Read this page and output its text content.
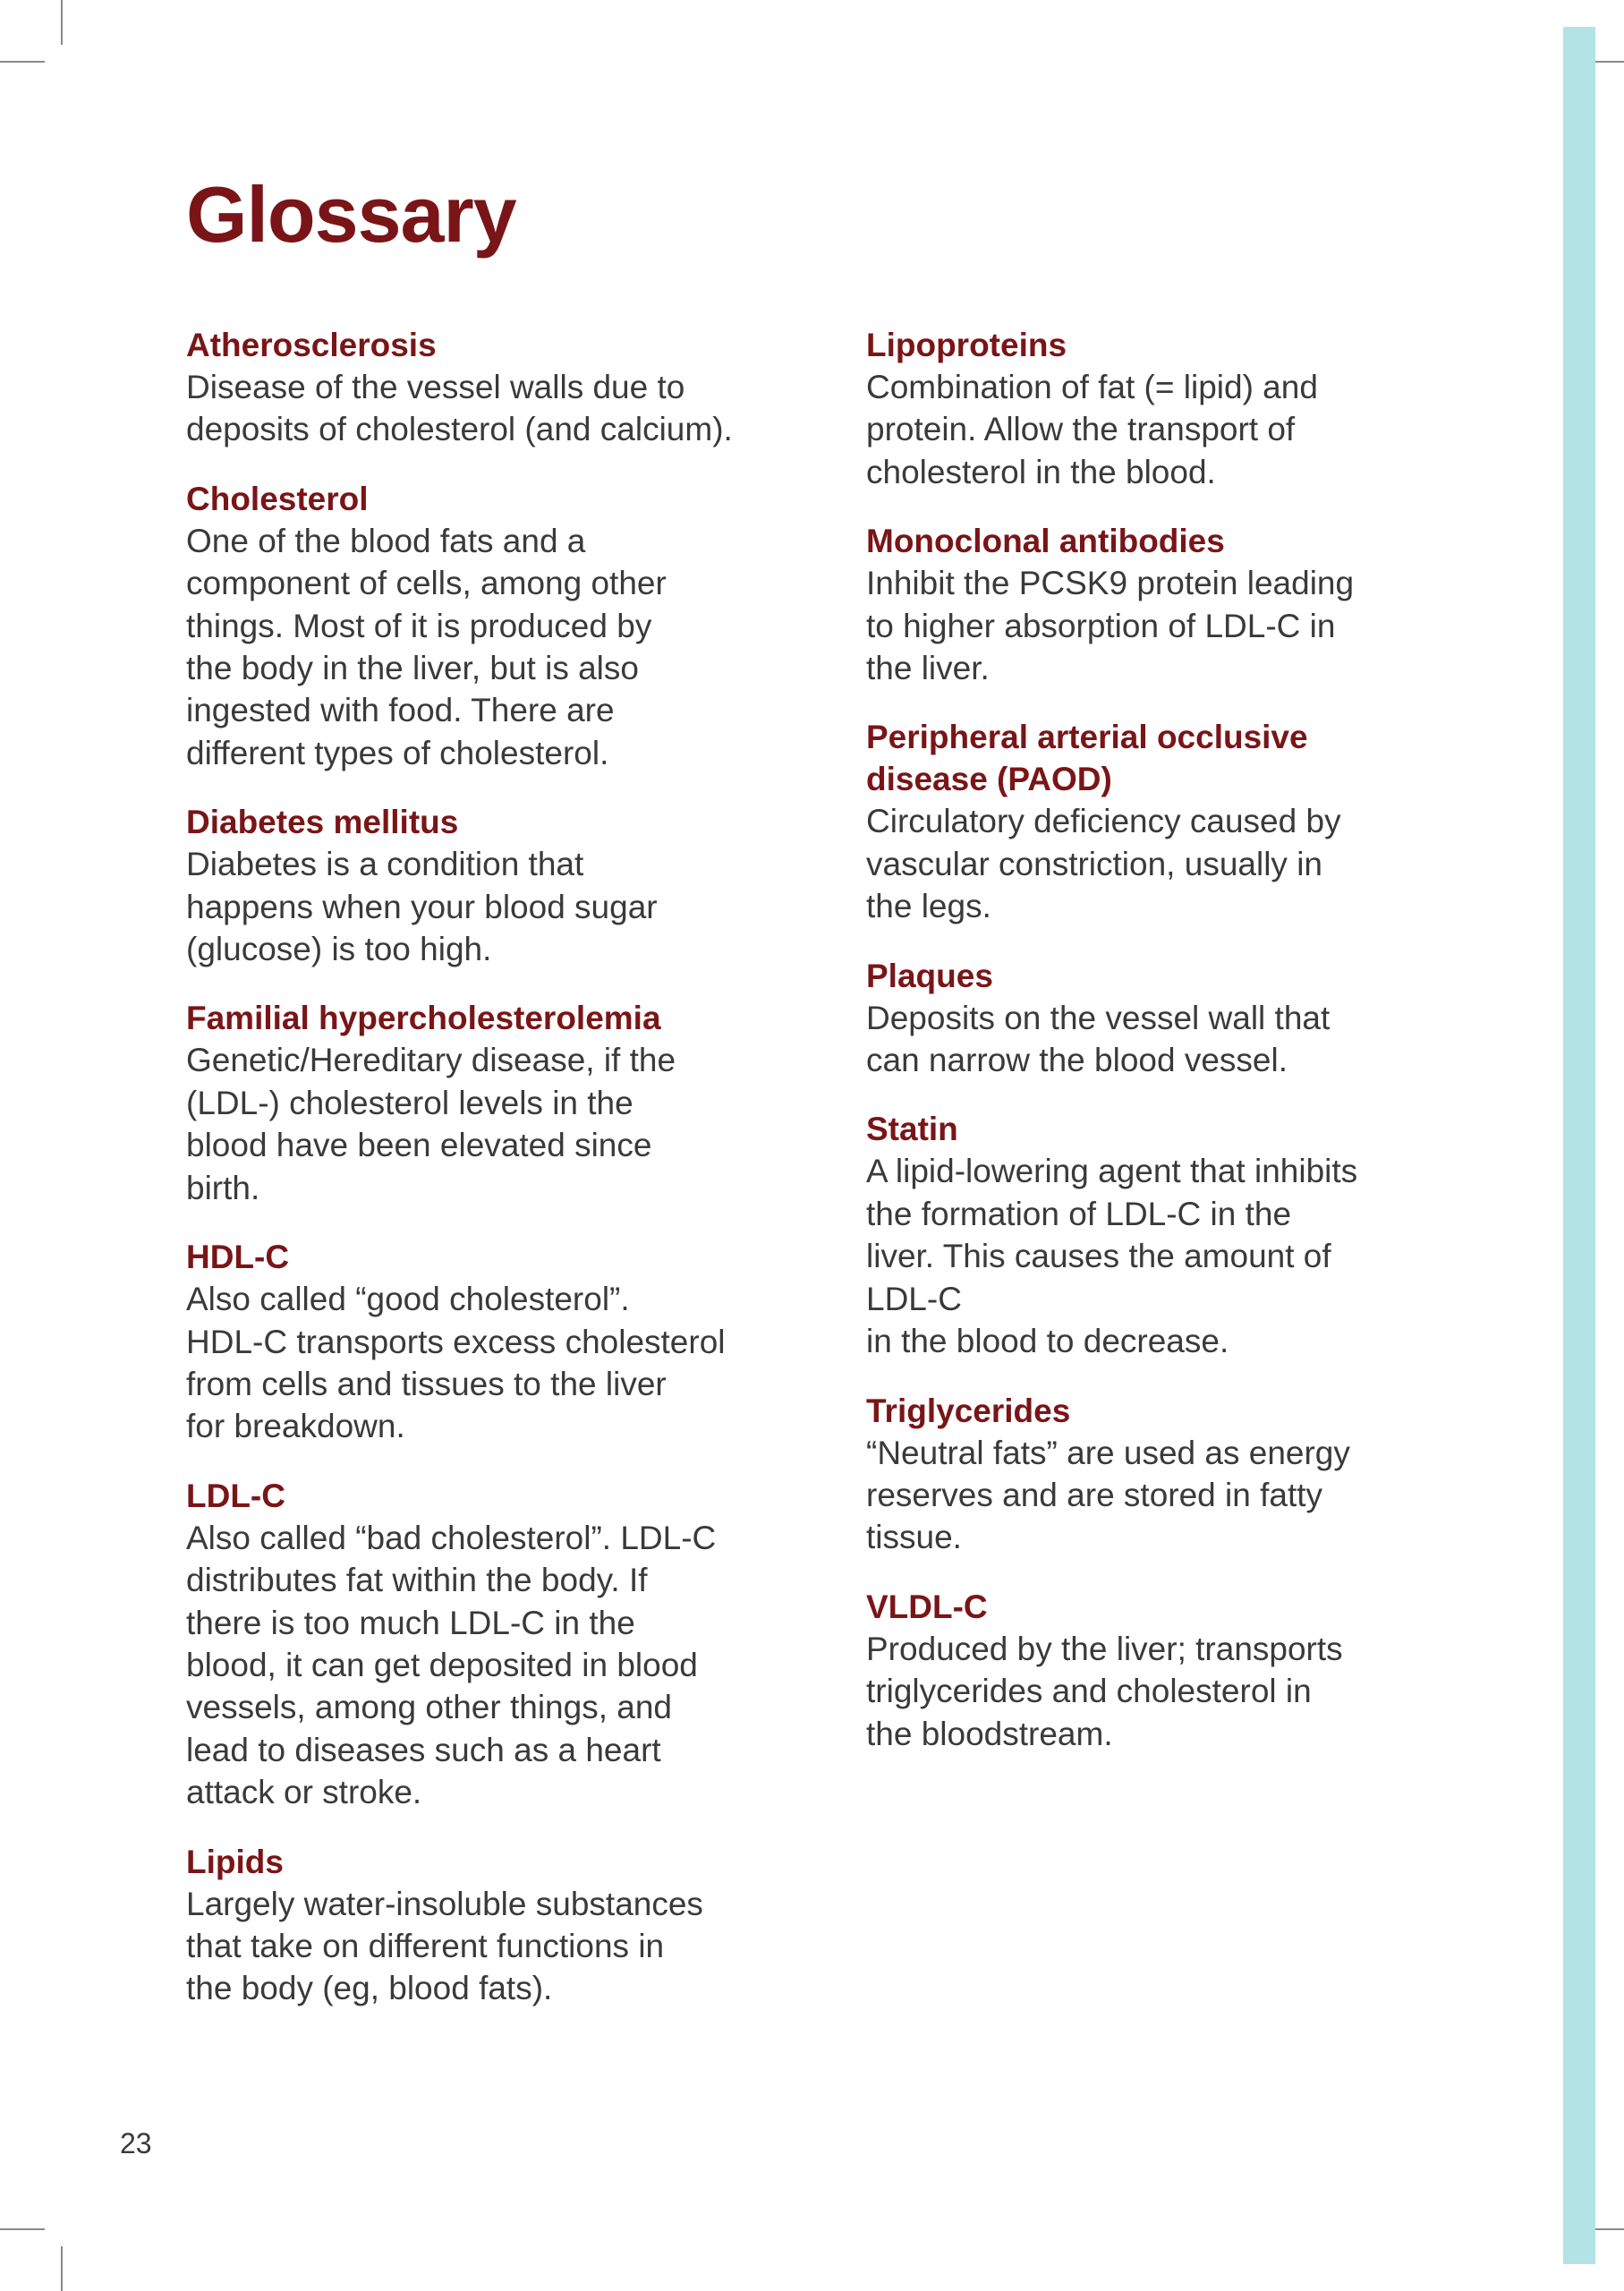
Glossary

Atherosclerosis

Disease of the vessel walls due to
deposits of cholesterol (and calcium).

Cholesterol

One of the blood fats and a
component of cells, among other
things. Most of it is produced by
the body in the liver, but is also
ingested with food. There are
different types of cholesterol.

Diabetes mellitus

Diabetes is a condition that
happens when your blood sugar
(glucose) is too high.

Familial hypercholesterolemia

Genetic/Hereditary disease, if the
(LDL-) cholesterol levels in the
blood have been elevated since
birth.

HDL-C

Also called “good cholesterol”.
HDL-C transports excess cholesterol
from cells and tissues to the liver
for breakdown.

LDL-C

Also called “bad cholesterol”. LDL-C
distributes fat within the body. If
there is too much LDL-C in the
blood, it can get deposited in blood
vessels, among other things, and
lead to diseases such as a heart
attack or stroke.

Lipids

Largely water-insoluble substances
that take on different functions in
the body (eg, blood fats).

Lipoproteins

Combination of fat (= lipid) and
protein. Allow the transport of
cholesterol in the blood.

Monoclonal antibodies

Inhibit the PCSK9 protein leading
to higher absorption of LDL-C in
the liver.

Peripheral arterial occlusive
disease (PAOD)

Circulatory deficiency caused by
vascular constriction, usually in
the legs.

Plaques

Deposits on the vessel wall that
can narrow the blood vessel.

Statin

A lipid-lowering agent that inhibits
the formation of LDL-C in the
liver. This causes the amount of
LDL-C
in the blood to decrease.

Triglycerides

“Neutral fats” are used as energy
reserves and are stored in fatty
tissue.

VLDL-C

Produced by the liver; transports
triglycerides and cholesterol in
the bloodstream.

23
